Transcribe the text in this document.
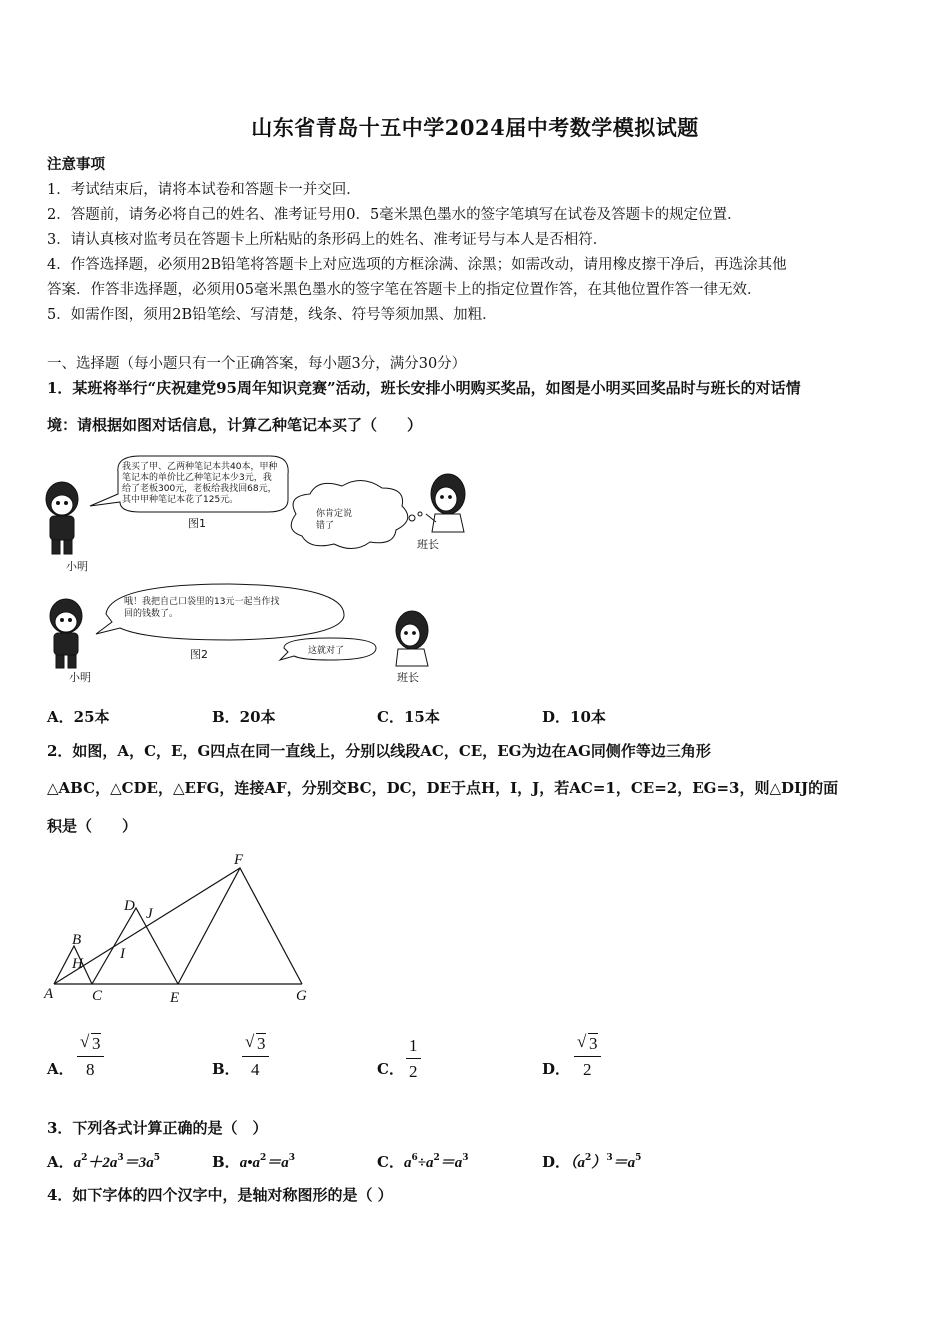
山东省青岛十五中学2024届中考数学模拟试题
注意事项
1．考试结束后，请将本试卷和答题卡一并交回．
2．答题前，请务必将自己的姓名、准考证号用0．5毫米黑色墨水的签字笔填写在试卷及答题卡的规定位置．
3．请认真核对监考员在答题卡上所粘贴的条形码上的姓名、准考证号与本人是否相符．
4．作答选择题，必须用2B铅笔将答题卡上对应选项的方框涂满、涂黑；如需改动，请用橡皮擦干净后，再选涂其他
答案．作答非选择题，必须用05毫米黑色墨水的签字笔在答题卡上的指定位置作答，在其他位置作答一律无效．
5．如需作图，须用2B铅笔绘、写清楚，线条、符号等须加黑、加粗．
一、选择题（每小题只有一个正确答案，每小题3分，满分30分）
1．某班将举行“庆祝建党95周年知识竞赛”活动，班长安排小明购买奖品，如图是小明买回奖品时与班长的对话情
境：请根据如图对话信息，计算乙种笔记本买了（　　）
我买了甲、乙两种笔记本共40本，甲种笔记本的单价比乙种笔记本少3元，我给了老板300元，老板给我找回68元，其中甲种笔记本花了125元。
图1
你肯定说错了
班长
小明
哦！我把自己口袋里的13元一起当作找回的钱数了。
图2	这就对了
小明	班长
A．25本	B．20本	C．15本	D．10本
2．如图，A，C，E，G四点在同一直线上，分别以线段AC，CE，EG为边在AG同侧作等边三角形
△ABC，△CDE，△EFG，连接AF，分别交BC，DC，DE于点H，I，J，若AC=1，CE=2，EG=3，则△DIJ的面
积是（　　）
A
B
C
D
E
F
G
H
I
J
A．
√ 3
8	B．
√ 3
4	C．
1
2	D．
√ 3
2
3．下列各式计算正确的是（　）
A．$a^2+2a^3=3a^5$	B．$a•a^2=a^3$	C．$a^6\div a^2=a^3$	D．$(a^2)^3=a^5$
4．如下字体的四个汉字中，是轴对称图形的是（ ）
